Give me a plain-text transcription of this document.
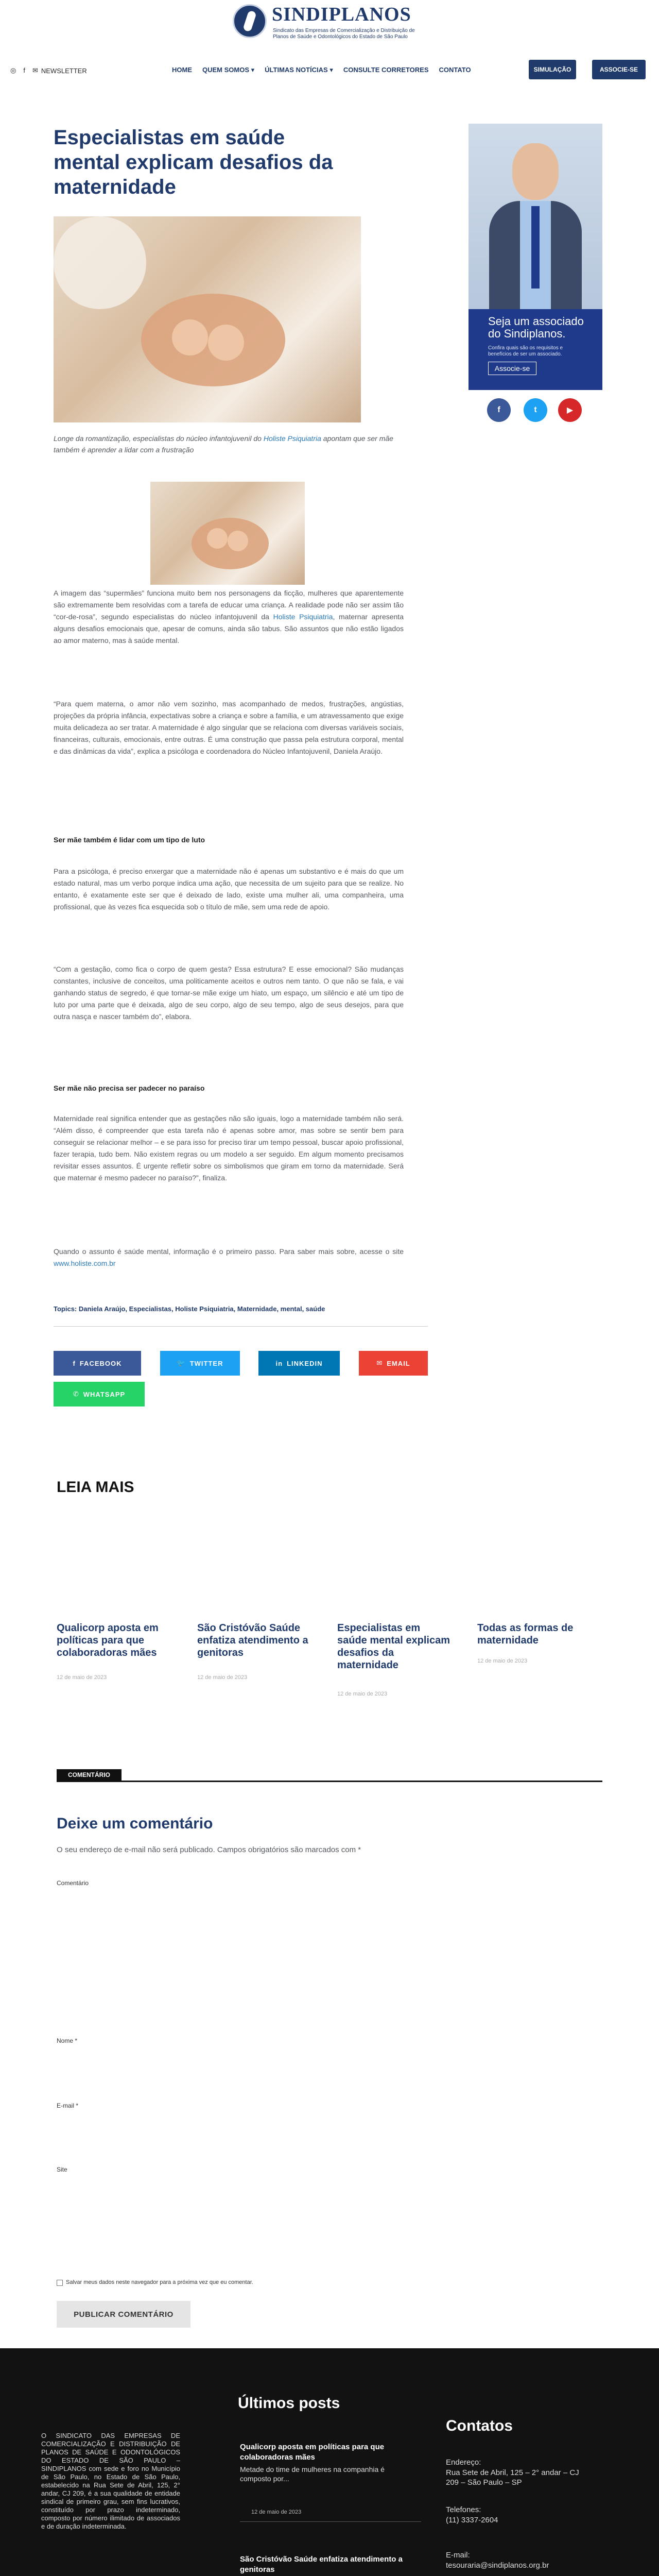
SINDIPLANOS
Sindicato das Empresas de Comercialização e Distribuição de Planos de Saúde e Odontológicos do Estado de São Paulo
◎ f ✉ NEWSLETTER	HOME QUEM SOMOS ▾ ÚLTIMAS NOTÍCIAS ▾ CONSULTE CORRETORES CONTATO	SIMULAÇÃO	ASSOCIE-SE
Especialistas em saúde mental explicam desafios da maternidade

Longe da romantização, especialistas do núcleo infantojuvenil do Holiste Psiquiatria apontam que ser mãe também é aprender a lidar com a frustração

A imagem das “supermães” funciona muito bem nos personagens da ficção, mulheres que aparentemente são extremamente bem resolvidas com a tarefa de educar uma criança. A realidade pode não ser assim tão “cor-de-rosa”, segundo especialistas do núcleo infantojuvenil da Holiste Psiquiatria, maternar apresenta alguns desafios emocionais que, apesar de comuns, ainda são tabus. São assuntos que não estão ligados ao amor materno, mas à saúde mental.

“Para quem materna, o amor não vem sozinho, mas acompanhado de medos, frustrações, angústias, projeções da própria infância, expectativas sobre a criança e sobre a família, e um atravessamento que exige muita delicadeza ao ser tratar. A maternidade é algo singular que se relaciona com diversas variáveis sociais, financeiras, culturais, emocionais, entre outras. É uma construção que passa pela estrutura corporal, mental e das dinâmicas da vida”, explica a psicóloga e coordenadora do Núcleo Infantojuvenil, Daniela Araújo.

Ser mãe também é lidar com um tipo de luto

Para a psicóloga, é preciso enxergar que a maternidade não é apenas um substantivo e é mais do que um estado natural, mas um verbo porque indica uma ação, que necessita de um sujeito para que se realize. No entanto, é exatamente este ser que é deixado de lado, existe uma mulher ali, uma companheira, uma profissional, que às vezes fica esquecida sob o título de mãe, sem uma rede de apoio.

“Com a gestação, como fica o corpo de quem gesta? Essa estrutura? E esse emocional? São mudanças constantes, inclusive de conceitos, uma politicamente aceitos e outros nem tanto. O que não se fala, e vai ganhando status de segredo, é que tornar-se mãe exige um hiato, um espaço, um silêncio e até um tipo de luto por uma parte que é deixada, algo de seu corpo, algo de seu tempo, algo de seus desejos, para que outra nasça e nascer também do”, elabora.

Ser mãe não precisa ser padecer no paraíso

Maternidade real significa entender que as gestações não são iguais, logo a maternidade também não será. “Além disso, é compreender que esta tarefa não é apenas sobre amor, mas sobre se sentir bem para conseguir se relacionar melhor – e se para isso for preciso tirar um tempo pessoal, buscar apoio profissional, fazer terapia, tudo bem. Não existem regras ou um modelo a ser seguido. Em algum momento precisamos revisitar esses assuntos. É urgente refletir sobre os simbolismos que giram em torno da maternidade. Será que maternar é mesmo padecer no paraíso?”, finaliza.

Quando o assunto é saúde mental, informação é o primeiro passo. Para saber mais sobre, acesse o site www.holiste.com.br

Topics: Daniela Araújo, Especialistas, Holiste Psiquiatria, Maternidade, mental, saúde

f FACEBOOK	🐦 TWITTER	in LINKEDIN	✉ EMAIL
✆ WHATSAPP
Seja um associado do Sindiplanos.
Confira quais são os requisitos e benefícios de ser um associado.
Associe-se
f	t	▶
LEIA MAIS
Qualicorp aposta em políticas para que colaboradoras mães
12 de maio de 2023
São Cristóvão Saúde enfatiza atendimento a genitoras
12 de maio de 2023
Especialistas em saúde mental explicam desafios da maternidade
12 de maio de 2023
Todas as formas de maternidade
12 de maio de 2023
COMENTÁRIO
Deixe um comentário

O seu endereço de e-mail não será publicado. Campos obrigatórios são marcados com *

Comentário
Nome *
E-mail *
Site
Salvar meus dados neste navegador para a próxima vez que eu comentar.
PUBLICAR COMENTÁRIO
Últimos posts

O SINDICATO DAS EMPRESAS DE COMERCIALIZAÇÃO E DISTRIBUIÇÃO DE PLANOS DE SAÚDE E ODONTOLÓGICOS DO ESTADO DE SÃO PAULO – SINDIPLANOS com sede e foro no Município de São Paulo, no Estado de São Paulo, estabelecido na Rua Sete de Abril, 125, 2° andar, CJ 209, é a sua qualidade de entidade sindical de primeiro grau, sem fins lucrativos, constituído por prazo indeterminado, composto por número ilimitado de associados e de duração indeterminada.

Qualicorp aposta em políticas para que colaboradoras mães

Metade do time de mulheres na companhia é composto por...

12 de maio de 2023
São Cristóvão Saúde enfatiza atendimento a genitoras

Contatos

Endereço:

Rua Sete de Abril, 125 – 2° andar – CJ 209 – São Paulo – SP

Telefones:

(11) 3337-2604

E-mail:

tesouraria@sindiplanos.org.br
